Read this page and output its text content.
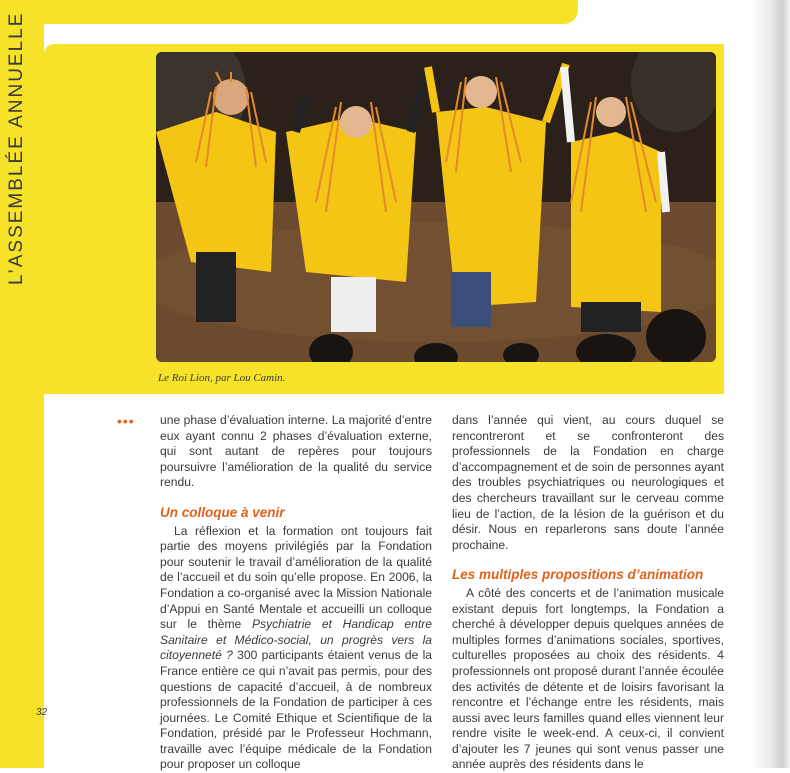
L’ASSEMBLÉE ANNUELLE
Le Roi Lion, par Lou Camin.
••• une phase d’évaluation interne. La majorité d’entre eux ayant connu 2 phases d’évaluation externe, qui sont autant de repères pour toujours poursuivre l’amélioration de la qualité du service rendu.

Un colloque à venir

La réflexion et la formation ont toujours fait partie des moyens privilégiés par la Fondation pour soutenir le travail d’amélioration de la qualité de l’accueil et du soin qu’elle propose. En 2006, la Fondation a co-organisé avec la Mission Nationale d’Appui en Santé Mentale et accueilli un colloque sur le thème Psychiatrie et Handicap entre Sanitaire et Médico-social, un progrès vers la citoyenneté ? 300 participants étaient venus de la France entière ce qui n’avait pas permis, pour des questions de capacité d’accueil, à de nombreux professionnels de la Fondation de participer à ces journées. Le Comité Ethique et Scientifique de la Fondation, présidé par le Professeur Hochmann, travaille avec l’équipe médicale de la Fondation pour proposer un colloque

dans l’année qui vient, au cours duquel se rencontreront et se confronteront des professionnels de la Fondation en charge d’accompagnement et de soin de personnes ayant des troubles psychiatriques ou neurologiques et des chercheurs travaillant sur le cerveau comme lieu de l’action, de la lésion de la guérison et du désir. Nous en reparlerons sans doute l’année prochaine.

Les multiples propositions d’animation

A côté des concerts et de l’animation musicale existant depuis fort longtemps, la Fondation a cherché à développer depuis quelques années de multiples formes d’animations sociales, sportives, culturelles proposées au choix des résidents. 4 professionnels ont proposé durant l’année écoulée des activités de détente et de loisirs favorisant la rencontre et l’échange entre les résidents, mais aussi avec leurs familles quand elles viennent leur rendre visite le week-end. A ceux-ci, il convient d’ajouter les 7 jeunes qui sont venus passer une année auprès des résidents dans le

32
